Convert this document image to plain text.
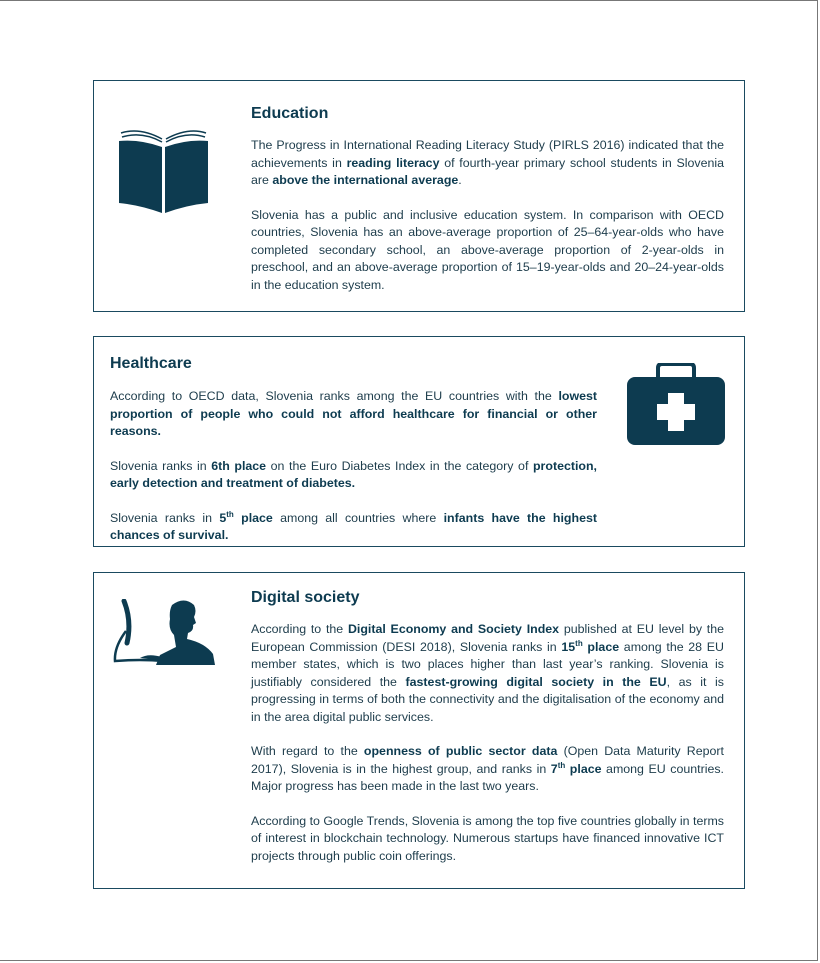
Education

The Progress in International Reading Literacy Study (PIRLS 2016) indicated that the achievements in reading literacy of fourth-year primary school students in Slovenia are above the international average.

Slovenia has a public and inclusive education system. In comparison with OECD countries, Slovenia has an above-average proportion of 25–64-year-olds who have completed secondary school, an above-average proportion of 2-year-olds in preschool, and an above-average proportion of 15–19-year-olds and 20–24-year-olds in the education system.

Healthcare

According to OECD data, Slovenia ranks among the EU countries with the lowest proportion of people who could not afford healthcare for financial or other reasons.

Slovenia ranks in 6th place on the Euro Diabetes Index in the category of protection, early detection and treatment of diabetes.

Slovenia ranks in 5th place among all countries where infants have the highest chances of survival.

Digital society

According to the Digital Economy and Society Index published at EU level by the European Commission (DESI 2018), Slovenia ranks in 15th place among the 28 EU member states, which is two places higher than last year’s ranking. Slovenia is justifiably considered the fastest-growing digital society in the EU, as it is progressing in terms of both the connectivity and the digitalisation of the economy and in the area digital public services.

With regard to the openness of public sector data (Open Data Maturity Report 2017), Slovenia is in the highest group, and ranks in 7th place among EU countries. Major progress has been made in the last two years.

According to Google Trends, Slovenia is among the top five countries globally in terms of interest in blockchain technology. Numerous startups have financed innovative ICT projects through public coin offerings.
